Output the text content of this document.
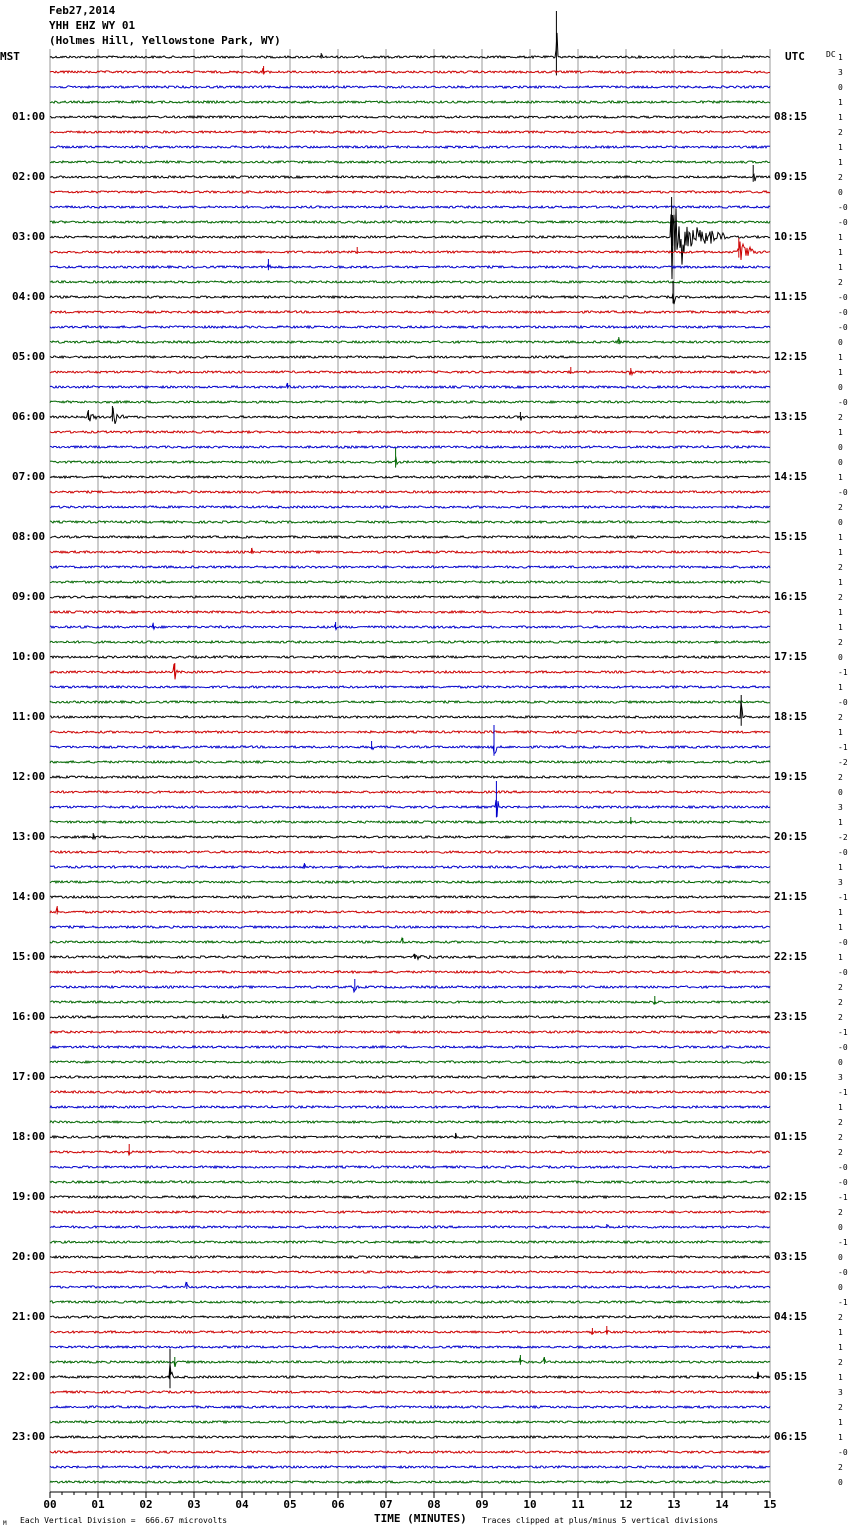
Feb27,2014
YHH EHZ WY 01
(Holmes Hill, Yellowstone Park, WY)
MST	UTC	DC
00	01	02	03	04	05	06	07	08	09	10	11	12	13	14	15
1
3
0
1
1
2
1
1
2
0
-0
-0
1
1
1
2
-0
-0
-0
0
1
1
0
-0
2
1
0
0
1
-0
2
0
1
1
2
1
2
1
1
2
0
-1
1
-0
2
1
-1
-2
2
0
3
1
-2
-0
1
3
-1
1
1
-0
1
-0
2
2
2
-1
-0
0
3
-1
1
2
2
2
-0
-0
-1
2
0
-1
0
-0
0
-1
2
1
1
2
1
3
2
1
1
-0
2
0
01:00
02:00
03:00
04:00
05:00
06:00
07:00
08:00
09:00
10:00
11:00
12:00
13:00
14:00
15:00
16:00
17:00
18:00
19:00
20:00
21:00
22:00
23:00
08:15
09:15
10:15
11:15
12:15
13:15
14:15
15:15
16:15
17:15
18:15
19:15
20:15
21:15
22:15
23:15
00:15
01:15
02:15
03:15
04:15
05:15
06:15
M Each Vertical Division =  666.67 microvolts	TIME (MINUTES) Traces clipped at plus/minus 5 vertical divisions
